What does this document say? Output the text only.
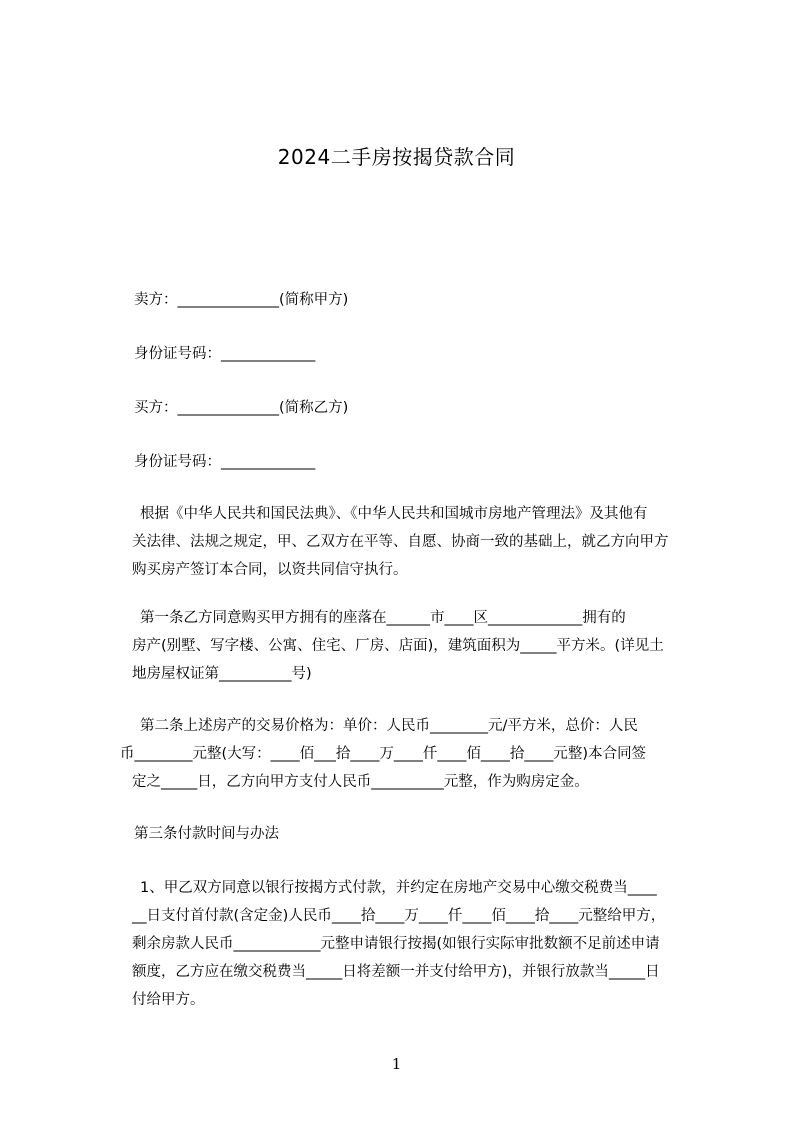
2024二手房按揭贷款合同
卖方：______________(简称甲方)
身份证号码：_____________
买方：______________(简称乙方)
身份证号码：_____________
根据《中华人民共和国民法典》、《中华人民共和国城市房地产管理法》及其他有
关法律、法规之规定，甲、乙双方在平等、自愿、协商一致的基础上，就乙方向甲方
购买房产签订本合同，以资共同信守执行。
第一条乙方同意购买甲方拥有的座落在______市____区_____________拥有的
房产(别墅、写字楼、公寓、住宅、厂房、店面)，建筑面积为_____平方米。(详见土
地房屋权证第__________号)
第二条上述房产的交易价格为：单价：人民币________元/平方米，总价：人民
币________元整(大写：____佰___拾____万____仟____佰____拾____元整)本合同签
定之_____日，乙方向甲方支付人民币__________元整，作为购房定金。
第三条付款时间与办法
1、甲乙双方同意以银行按揭方式付款，并约定在房地产交易中心缴交税费当____
__日支付首付款(含定金)人民币____拾____万____仟____佰____拾____元整给甲方，
剩余房款人民币____________元整申请银行按揭(如银行实际审批数额不足前述申请
额度，乙方应在缴交税费当_____日将差额一并支付给甲方)，并银行放款当_____日
付给甲方。
1
